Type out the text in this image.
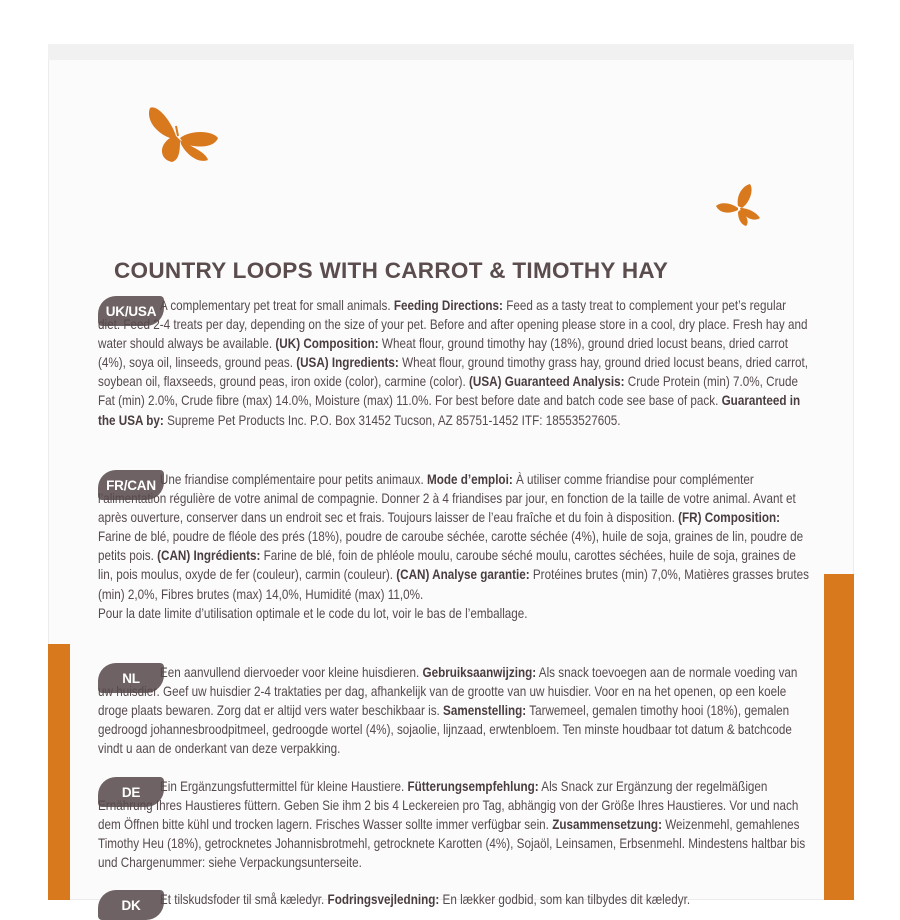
COUNTRY LOOPS WITH CARROT & TIMOTHY HAY
UK/USA A complementary pet treat for small animals. Feeding Directions: Feed as a tasty treat to complement your pet’s regular diet. Feed 2-4 treats per day, depending on the size of your pet. Before and after opening please store in a cool, dry place. Fresh hay and water should always be available. (UK) Composition: Wheat flour, ground timothy hay (18%), ground dried locust beans, dried carrot (4%), soya oil, linseeds, ground peas. (USA) Ingredients: Wheat flour, ground timothy grass hay, ground dried locust beans, dried carrot, soybean oil, flaxseeds, ground peas, iron oxide (color), carmine (color). (USA) Guaranteed Analysis: Crude Protein (min) 7.0%, Crude Fat (min) 2.0%, Crude fibre (max) 14.0%, Moisture (max) 11.0%. For best before date and batch code see base of pack. Guaranteed in the USA by: Supreme Pet Products Inc. P.O. Box 31452 Tucson, AZ 85751-1452 ITF: 18553527605.

FR/CAN Une friandise complémentaire pour petits animaux. Mode d’emploi: À utiliser comme friandise pour complémenter l’alimentation régulière de votre animal de compagnie. Donner 2 à 4 friandises par jour, en fonction de la taille de votre animal. Avant et après ouverture, conserver dans un endroit sec et frais. Toujours laisser de l’eau fraîche et du foin à disposition. (FR) Composition: Farine de blé, poudre de fléole des prés (18%), poudre de caroube séchée, carotte séchée (4%), huile de soja, graines de lin, poudre de petits pois. (CAN) Ingrédients: Farine de blé, foin de phléole moulu, caroube séché moulu, carottes séchées, huile de soja, graines de lin, pois moulus, oxyde de fer (couleur), carmin (couleur). (CAN) Analyse garantie: Protéines brutes (min) 7,0%, Matières grasses brutes (min) 2,0%, Fibres brutes (max) 14,0%, Humidité (max) 11,0%.
Pour la date limite d’utilisation optimale et le code du lot, voir le bas de l’emballage.

NL	Een aanvullend diervoeder voor kleine huisdieren. Gebruiksaanwijzing: Als snack toevoegen aan de normale voeding van uw huisdier. Geef uw huisdier 2-4 traktaties per dag, afhankelijk van de grootte van uw huisdier. Voor en na het openen, op een koele droge plaats bewaren. Zorg dat er altijd vers water beschikbaar is. Samenstelling: Tarwemeel, gemalen timothy hooi (18%), gemalen gedroogd johannesbroodpitmeel, gedroogde wortel (4%), sojaolie, lijnzaad, erwtenbloem. Ten minste houdbaar tot datum & batchcode vindt u aan de onderkant van deze verpakking.

DE	Ein Ergänzungsfuttermittel für kleine Haustiere. Fütterungsempfehlung: Als Snack zur Ergänzung der regelmäßigen Ernährung Ihres Haustieres füttern. Geben Sie ihm 2 bis 4 Leckereien pro Tag, abhängig von der Größe Ihres Haustieres. Vor und nach dem Öffnen bitte kühl und trocken lagern. Frisches Wasser sollte immer verfügbar sein. Zusammensetzung: Weizenmehl, gemahlenes Timothy Heu (18%), getrocknetes Johannisbrotmehl, getrocknete Karotten (4%), Sojaöl, Leinsamen, Erbsenmehl. Mindestens haltbar bis und Chargenummer: siehe Verpackungsunterseite.

DK	Et tilskudsfoder til små kæledyr. Fodringsvejledning: En lækker godbid, som kan tilbydes dit kæledyr.
